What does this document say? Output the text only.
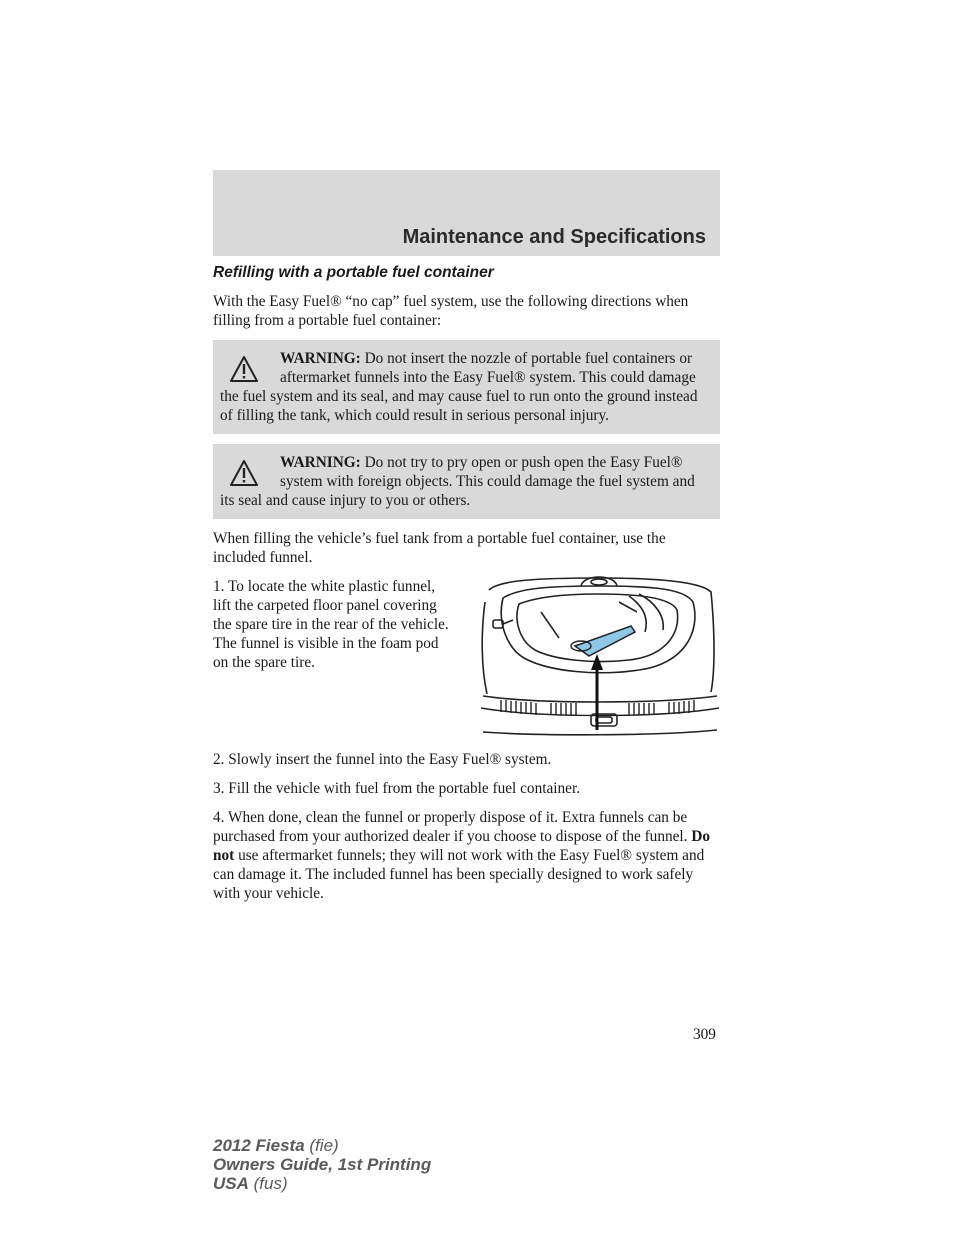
Maintenance and Specifications

Refilling with a portable fuel container

With the Easy Fuel® “no cap” fuel system, use the following directions when filling from a portable fuel container:

WARNING: Do not insert the nozzle of portable fuel containers or aftermarket funnels into the Easy Fuel® system. This could damage the fuel system and its seal, and may cause fuel to run onto the ground instead of filling the tank, which could result in serious personal injury.
WARNING: Do not try to pry open or push open the Easy Fuel® system with foreign objects. This could damage the fuel system and its seal and cause injury to you or others.

When filling the vehicle’s fuel tank from a portable fuel container, use the included funnel.

1. To locate the white plastic funnel, lift the carpeted floor panel covering the spare tire in the rear of the vehicle. The funnel is visible in the foam pod on the spare tire.

2. Slowly insert the funnel into the Easy Fuel® system.

3. Fill the vehicle with fuel from the portable fuel container.

4. When done, clean the funnel or properly dispose of it. Extra funnels can be purchased from your authorized dealer if you choose to dispose of the funnel. Do not use aftermarket funnels; they will not work with the Easy Fuel® system and can damage it. The included funnel has been specially designed to work safely with your vehicle.

309
2012 Fiesta (fie)
Owners Guide, 1st Printing
USA (fus)
